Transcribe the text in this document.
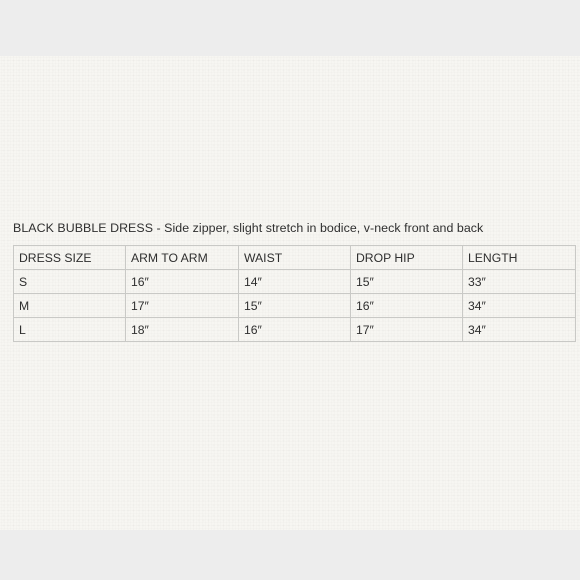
BLACK BUBBLE DRESS - Side zipper, slight stretch in bodice, v-neck front and back
DRESS SIZE	ARM TO ARM	WAIST	DROP HIP	LENGTH
S	16″	14″	15″	33″
M	17″	15″	16″	34″
L	18″	16″	17″	34″
